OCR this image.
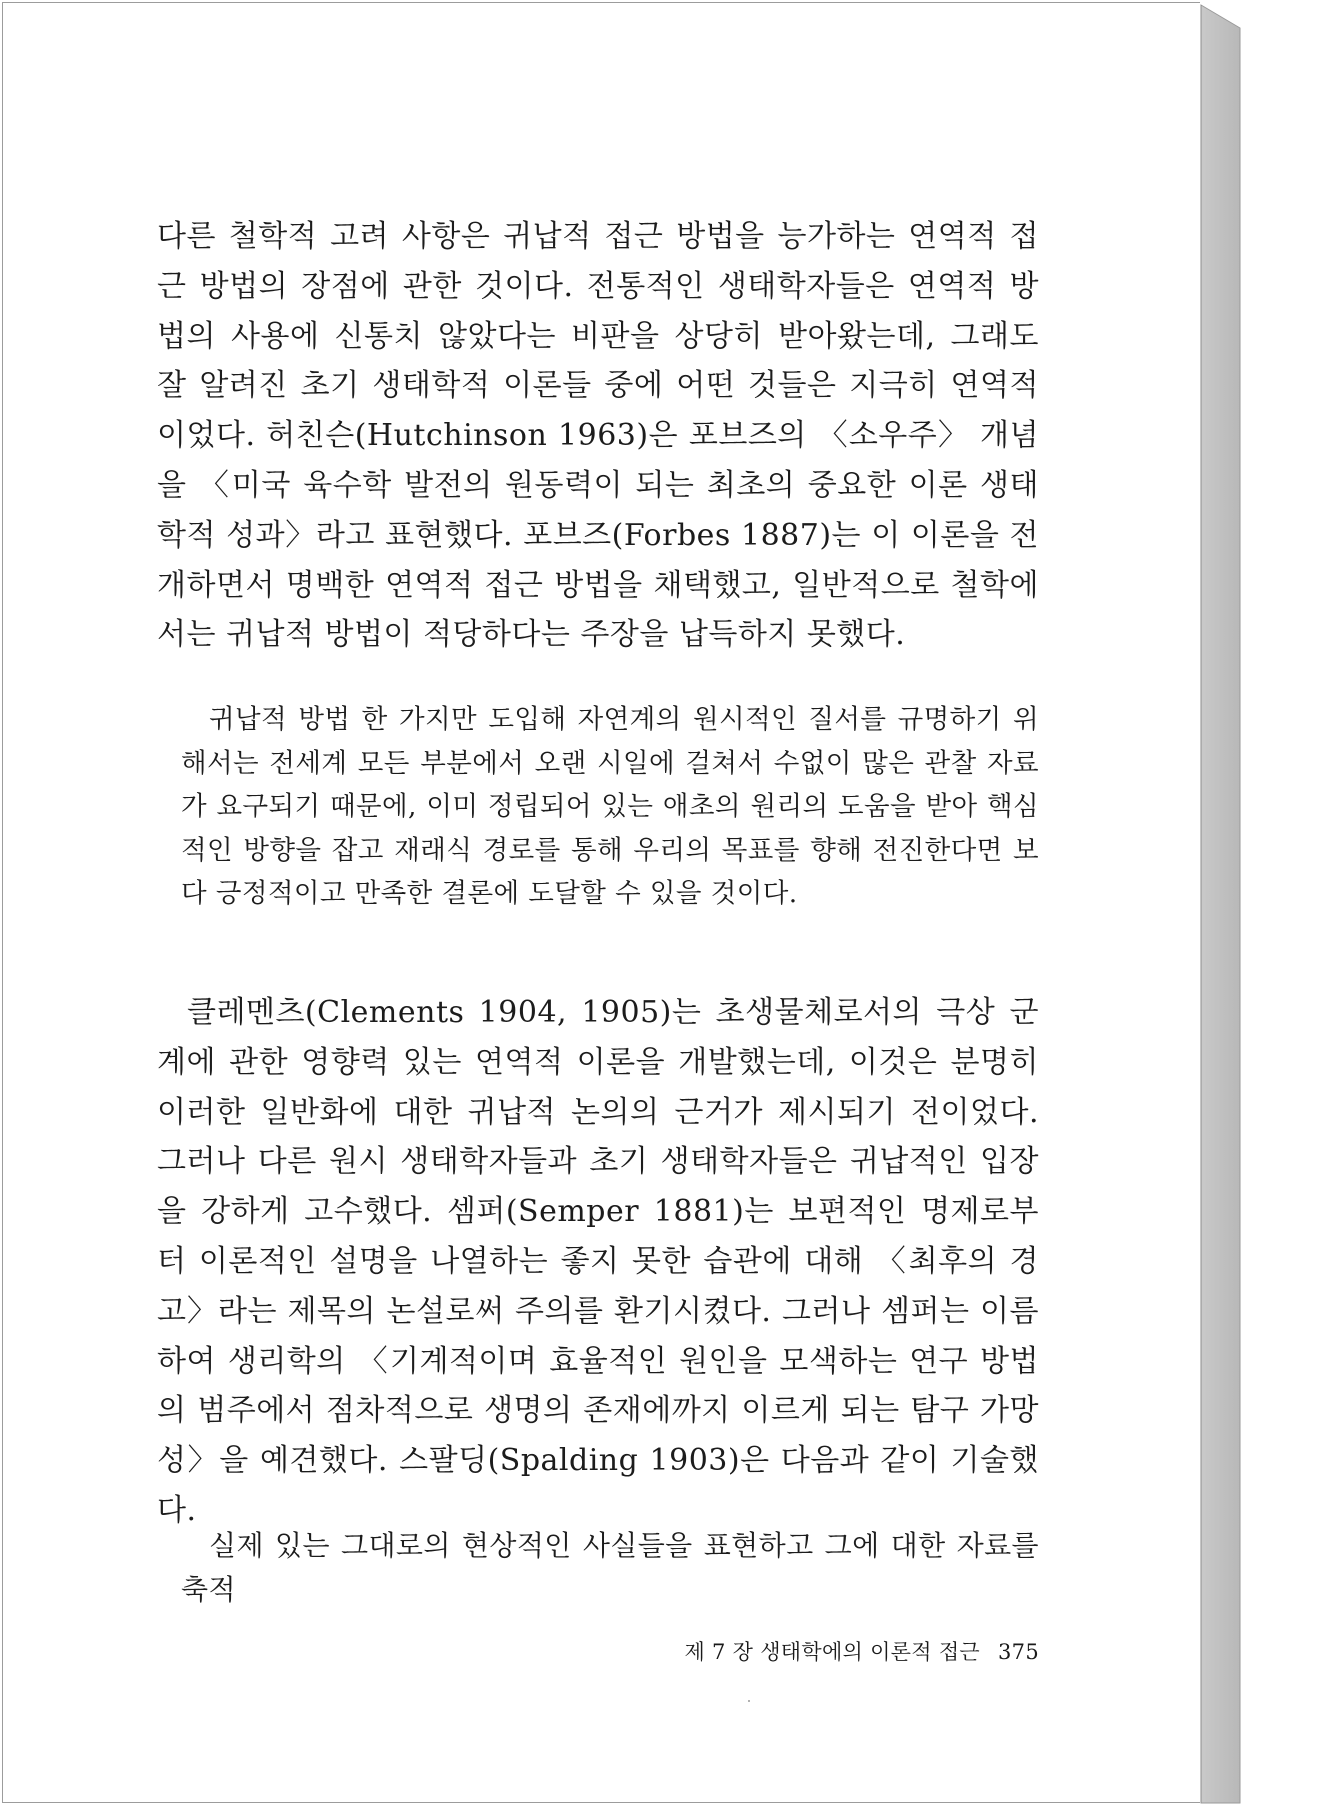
다른 철학적 고려 사항은 귀납적 접근 방법을 능가하는 연역적 접근 방법의 장점에 관한 것이다. 전통적인 생태학자들은 연역적 방법의 사용에 신통치 않았다는 비판을 상당히 받아왔는데, 그래도 잘 알려진 초기 생태학적 이론들 중에 어떤 것들은 지극히 연역적이었다. 허친슨(Hutchinson 1963)은 포브즈의 〈소우주〉 개념을 〈미국 육수학 발전의 원동력이 되는 최초의 중요한 이론 생태학적 성과〉라고 표현했다. 포브즈(Forbes 1887)는 이 이론을 전개하면서 명백한 연역적 접근 방법을 채택했고, 일반적으로 철학에서는 귀납적 방법이 적당하다는 주장을 납득하지 못했다.

귀납적 방법 한 가지만 도입해 자연계의 원시적인 질서를 규명하기 위해서는 전세계 모든 부분에서 오랜 시일에 걸쳐서 수없이 많은 관찰 자료가 요구되기 때문에, 이미 정립되어 있는 애초의 원리의 도움을 받아 핵심적인 방향을 잡고 재래식 경로를 통해 우리의 목표를 향해 전진한다면 보다 긍정적이고 만족한 결론에 도달할 수 있을 것이다.

클레멘츠(Clements 1904, 1905)는 초생물체로서의 극상 군계에 관한 영향력 있는 연역적 이론을 개발했는데, 이것은 분명히 이러한 일반화에 대한 귀납적 논의의 근거가 제시되기 전이었다. 그러나 다른 원시 생태학자들과 초기 생태학자들은 귀납적인 입장을 강하게 고수했다. 셈퍼(Semper 1881)는 보편적인 명제로부터 이론적인 설명을 나열하는 좋지 못한 습관에 대해 〈최후의 경고〉라는 제목의 논설로써 주의를 환기시켰다. 그러나 셈퍼는 이름하여 생리학의 〈기계적이며 효율적인 원인을 모색하는 연구 방법의 범주에서 점차적으로 생명의 존재에까지 이르게 되는 탐구 가망성〉을 예견했다. 스팔딩(Spalding 1903)은 다음과 같이 기술했다.

실제 있는 그대로의 현상적인 사실들을 표현하고 그에 대한 자료를 축적

제 7 장 생태학에의 이론적 접근 375
